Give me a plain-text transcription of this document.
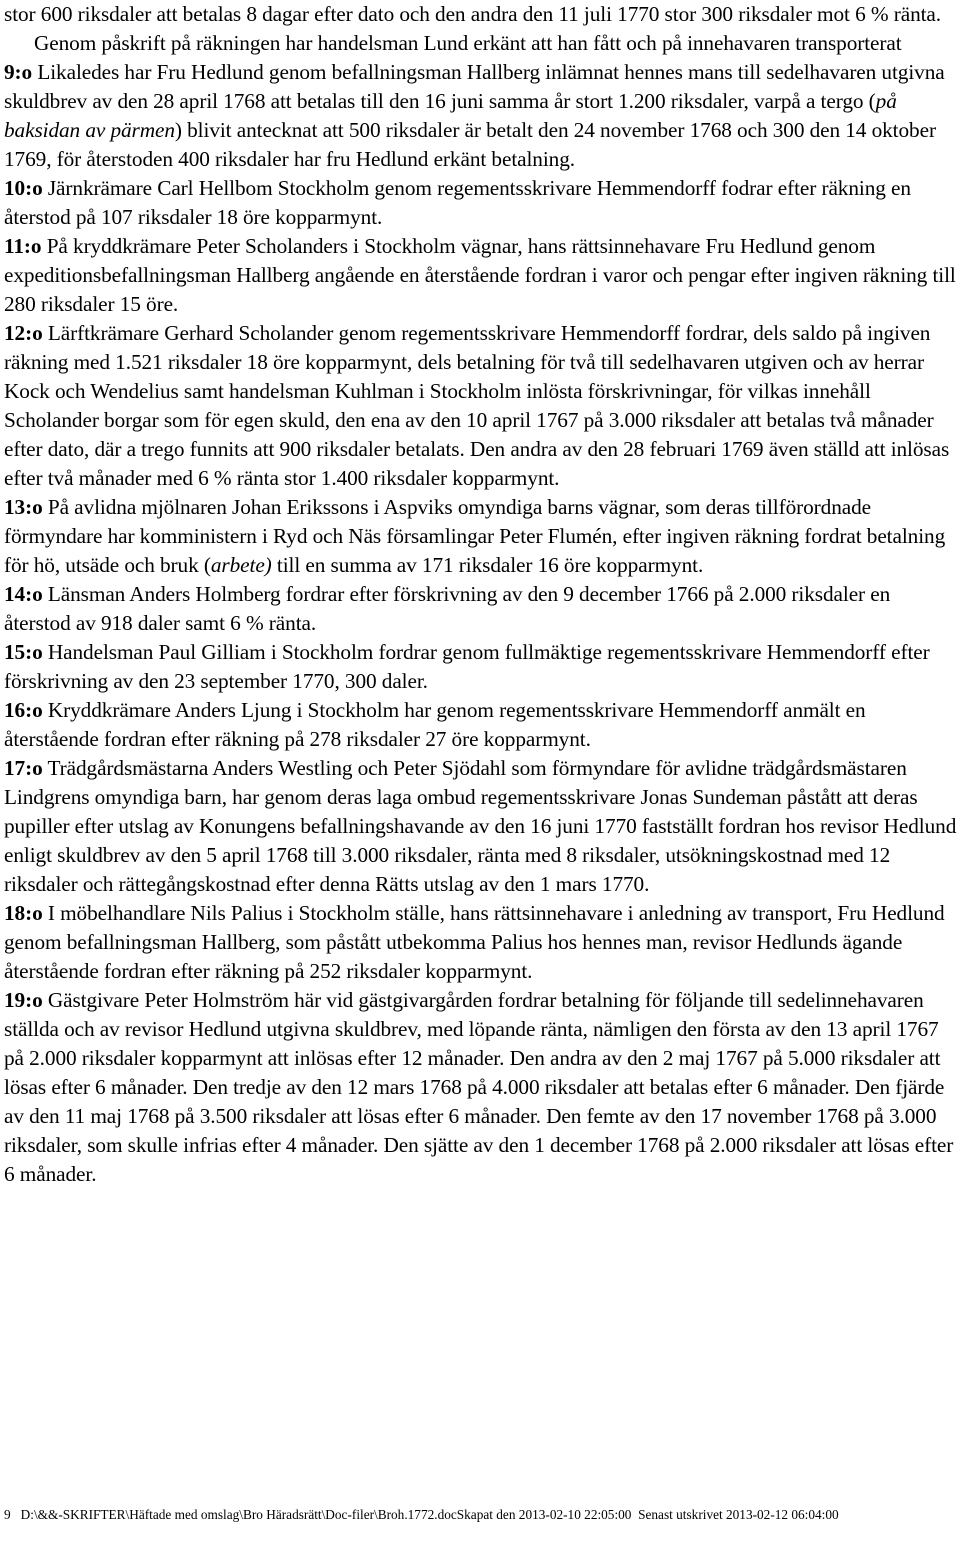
stor 600 riksdaler att betalas 8 dagar efter dato och den andra den 11 juli 1770 stor 300 riksdaler mot 6 % ränta.

Genom påskrift på räkningen har handelsman Lund erkänt att han fått och på innehavaren transporterat

9:o Likaledes har Fru Hedlund genom befallningsman Hallberg inlämnat hennes mans till sedelhavaren utgivna skuldbrev av den 28 april 1768 att betalas till den 16 juni samma år stort 1.200 riksdaler, varpå a tergo (på baksidan av pärmen) blivit antecknat att 500 riksdaler är betalt den 24 november 1768 och 300 den 14 oktober 1769, för återstoden 400 riksdaler har fru Hedlund erkänt betalning.

10:o Järnkrämare Carl Hellbom Stockholm genom regementsskrivare Hemmendorff fodrar efter räkning en återstod på 107 riksdaler 18 öre kopparmynt.

11:o På kryddkrämare Peter Scholanders i Stockholm vägnar, hans rättsinnehavare Fru Hedlund genom expeditionsbefallningsman Hallberg angående en återstående fordran i varor och pengar efter ingiven räkning till 280 riksdaler 15 öre.

12:o Lärftkrämare Gerhard Scholander genom regementsskrivare Hemmendorff fordrar, dels saldo på ingiven räkning med 1.521 riksdaler 18 öre kopparmynt, dels betalning för två till sedelhavaren utgiven och av herrar Kock och Wendelius samt handelsman Kuhlman i Stockholm inlösta förskrivningar, för vilkas innehåll Scholander borgar som för egen skuld, den ena av den 10 april 1767 på 3.000 riksdaler att betalas två månader efter dato, där a trego funnits att 900 riksdaler betalats. Den andra av den 28 februari 1769 även ställd att inlösas efter två månader med 6 % ränta stor 1.400 riksdaler kopparmynt.

13:o På avlidna mjölnaren Johan Erikssons i Aspviks omyndiga barns vägnar, som deras tillförordnade förmyndare har komministern i Ryd och Näs församlingar Peter Flumén, efter ingiven räkning fordrat betalning för hö, utsäde och bruk (arbete) till en summa av 171 riksdaler 16 öre kopparmynt.

14:o Länsman Anders Holmberg fordrar efter förskrivning av den 9 december 1766 på 2.000 riksdaler en återstod av 918 daler samt 6 % ränta.

15:o Handelsman Paul Gilliam i Stockholm fordrar genom fullmäktige regementsskrivare Hemmendorff efter förskrivning av den 23 september 1770, 300 daler.

16:o Kryddkrämare Anders Ljung i Stockholm har genom regementsskrivare Hemmendorff anmält en återstående fordran efter räkning på 278 riksdaler 27 öre kopparmynt.

17:o Trädgårdsmästarna Anders Westling och Peter Sjödahl som förmyndare för avlidne trädgårdsmästaren Lindgrens omyndiga barn, har genom deras laga ombud regementsskrivare Jonas Sundeman påstått att deras pupiller efter utslag av Konungens befallningshavande av den 16 juni 1770 fastställt fordran hos revisor Hedlund enligt skuldbrev av den 5 april 1768 till 3.000 riksdaler, ränta med 8 riksdaler, utsökningskostnad med 12 riksdaler och rättegångskostnad efter denna Rätts utslag av den 1 mars 1770.

18:o I möbelhandlare Nils Palius i Stockholm ställe, hans rättsinnehavare i anledning av transport, Fru Hedlund genom befallningsman Hallberg, som påstått utbekomma Palius hos hennes man, revisor Hedlunds ägande återstående fordran efter räkning på 252 riksdaler kopparmynt.

19:o Gästgivare Peter Holmström här vid gästgivargården fordrar betalning för följande till sedelinnehavaren ställda och av revisor Hedlund utgivna skuldbrev, med löpande ränta, nämligen den första av den 13 april 1767 på 2.000 riksdaler kopparmynt att inlösas efter 12 månader. Den andra av den 2 maj 1767 på 5.000 riksdaler att lösas efter 6 månader. Den tredje av den 12 mars 1768 på 4.000 riksdaler att betalas efter 6 månader. Den fjärde av den 11 maj 1768 på 3.500 riksdaler att lösas efter 6 månader. Den femte av den 17 november 1768 på 3.000 riksdaler, som skulle infrias efter 4 månader. Den sjätte av den 1 december 1768 på 2.000 riksdaler att lösas efter 6 månader.

9 D:\&&-SKRIFTER\Häftade med omslag\Bro Häradsrätt\Doc-filer\Broh.1772.docSkapat den 2013-02-10 22:05:00 Senast utskrivet 2013-02-12 06:04:00
